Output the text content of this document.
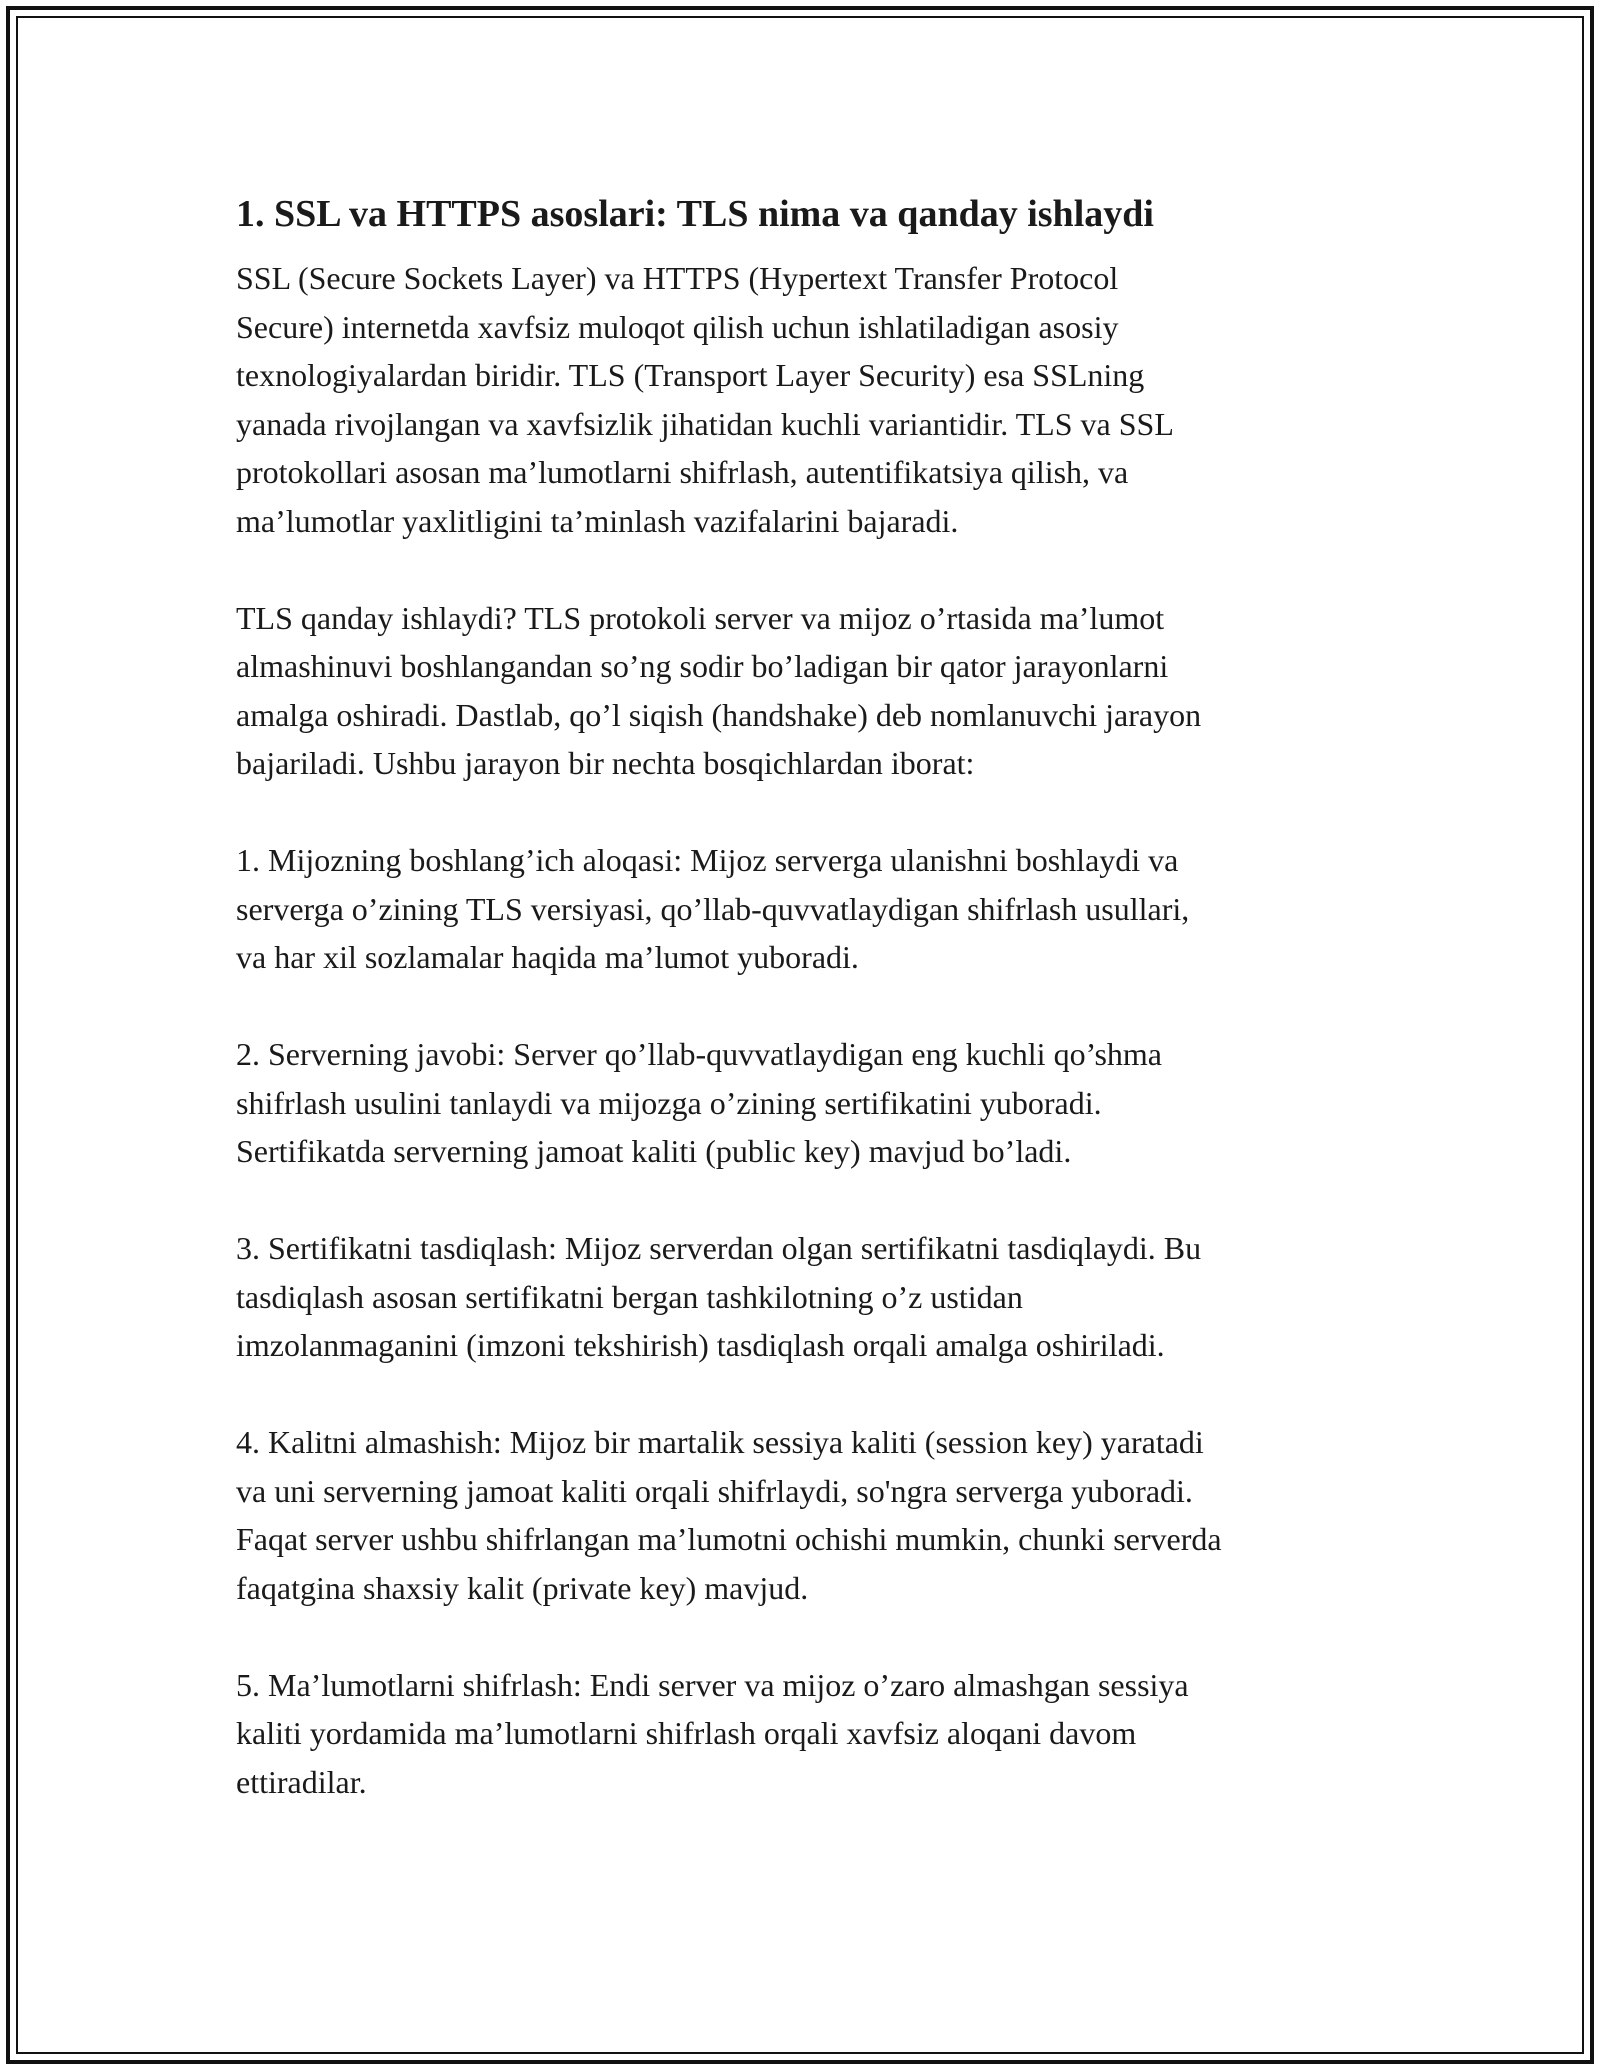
1. SSL va HTTPS asoslari: TLS nima va qanday ishlaydi

SSL (Secure Sockets Layer) va HTTPS (Hypertext Transfer Protocol
Secure) internetda xavfsiz muloqot qilish uchun ishlatiladigan asosiy
texnologiyalardan biridir. TLS (Transport Layer Security) esa SSLning
yanada rivojlangan va xavfsizlik jihatidan kuchli variantidir. TLS va SSL
protokollari asosan ma’lumotlarni shifrlash, autentifikatsiya qilish, va
ma’lumotlar yaxlitligini ta’minlash vazifalarini bajaradi.

TLS qanday ishlaydi? TLS protokoli server va mijoz o’rtasida ma’lumot
almashinuvi boshlangandan so’ng sodir bo’ladigan bir qator jarayonlarni
amalga oshiradi. Dastlab, qo’l siqish (handshake) deb nomlanuvchi jarayon
bajariladi. Ushbu jarayon bir nechta bosqichlardan iborat:

1. Mijozning boshlang’ich aloqasi: Mijoz serverga ulanishni boshlaydi va
serverga o’zining TLS versiyasi, qo’llab-quvvatlaydigan shifrlash usullari,
va har xil sozlamalar haqida ma’lumot yuboradi.

2. Serverning javobi: Server qo’llab-quvvatlaydigan eng kuchli qo’shma
shifrlash usulini tanlaydi va mijozga o’zining sertifikatini yuboradi.
Sertifikatda serverning jamoat kaliti (public key) mavjud bo’ladi.

3. Sertifikatni tasdiqlash: Mijoz serverdan olgan sertifikatni tasdiqlaydi. Bu
tasdiqlash asosan sertifikatni bergan tashkilotning o’z ustidan
imzolanmaganini (imzoni tekshirish) tasdiqlash orqali amalga oshiriladi.

4. Kalitni almashish: Mijoz bir martalik sessiya kaliti (session key) yaratadi
va uni serverning jamoat kaliti orqali shifrlaydi, so'ngra serverga yuboradi.
Faqat server ushbu shifrlangan ma’lumotni ochishi mumkin, chunki serverda
faqatgina shaxsiy kalit (private key) mavjud.

5. Ma’lumotlarni shifrlash: Endi server va mijoz o’zaro almashgan sessiya
kaliti yordamida ma’lumotlarni shifrlash orqali xavfsiz aloqani davom
ettiradilar.
